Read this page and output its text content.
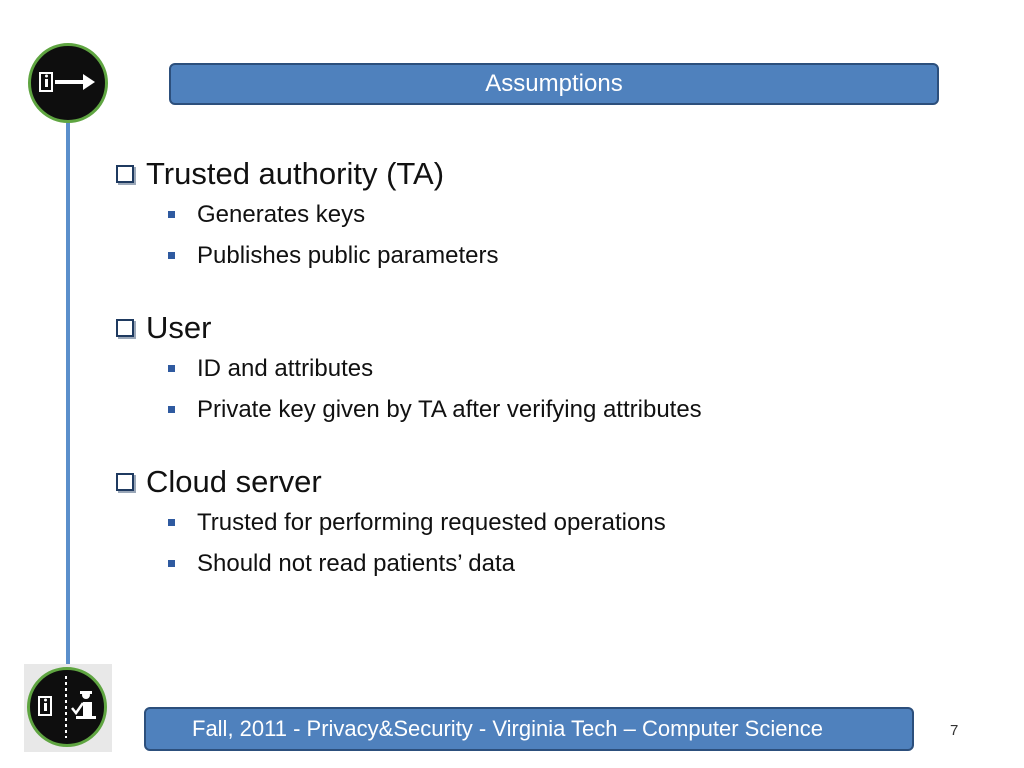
Assumptions
Trusted authority (TA)
Generates keys
Publishes public parameters
User
ID and attributes
Private key given by TA after verifying attributes
Cloud server
Trusted for performing requested operations
Should not read patients’ data
Fall, 2011 - Privacy&Security - Virginia Tech – Computer Science	7
